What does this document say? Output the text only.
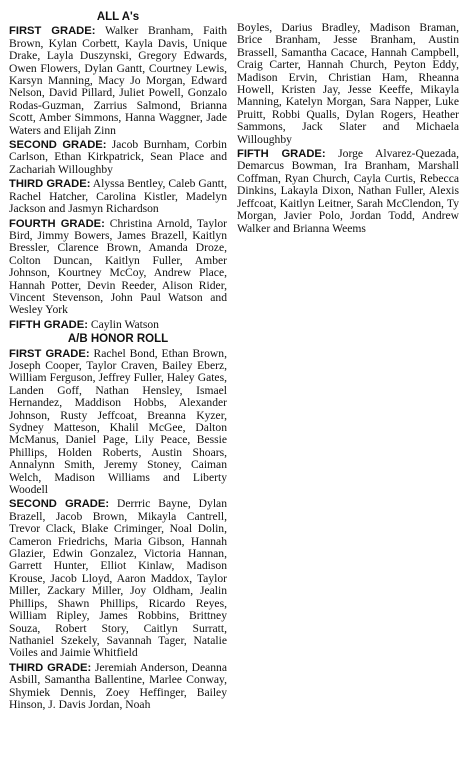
ALL A's

FIRST GRADE: Walker Branham, Faith Brown, Kylan Corbett, Kayla Davis, Unique Drake, Layla Duszynski, Gregory Edwards, Owen Flowers, Dylan Gantt, Courtney Lewis, Karsyn Manning, Macy Jo Morgan, Edward Nelson, David Pillard, Juliet Powell, Gonzalo Rodas-Guzman, Zarrius Salmond, Brianna Scott, Amber Simmons, Hanna Waggner, Jade Waters and Elijah Zinn

SECOND GRADE: Jacob Burnham, Corbin Carlson, Ethan Kirkpatrick, Sean Place and Zachariah Willoughby

THIRD GRADE: Alyssa Bentley, Caleb Gantt, Rachel Hatcher, Carolina Kistler, Madelyn Jackson and Jasmyn Richardson

FOURTH GRADE: Christina Arnold, Taylor Bird, Jimmy Bowers, James Brazell, Kaitlyn Bressler, Clarence Brown, Amanda Droze, Colton Duncan, Kaitlyn Fuller, Amber Johnson, Kourtney McCoy, Andrew Place, Hannah Potter, Devin Reeder, Alison Rider, Vincent Stevenson, John Paul Watson and Wesley York

FIFTH GRADE: Caylin Watson

A/B HONOR ROLL

FIRST GRADE: Rachel Bond, Ethan Brown, Joseph Cooper, Taylor Craven, Bailey Eberz, William Ferguson, Jeffrey Fuller, Haley Gates, Landen Goff, Nathan Hensley, Ismael Hernandez, Maddison Hobbs, Alexander Johnson, Rusty Jeffcoat, Breanna Kyzer, Sydney Matteson, Khalil McGee, Dalton McManus, Daniel Page, Lily Peace, Bessie Phillips, Holden Roberts, Austin Shoars, Annalynn Smith, Jeremy Stoney, Caiman Welch, Madison Williams and Liberty Woodell

SECOND GRADE: Derrric Bayne, Dylan Brazell, Jacob Brown, Mikayla Cantrell, Trevor Clack, Blake Criminger, Noal Dolin, Cameron Friedrichs, Maria Gibson, Hannah Glazier, Edwin Gonzalez, Victoria Hannan, Garrett Hunter, Elliot Kinlaw, Madison Krouse, Jacob Lloyd, Aaron Maddox, Taylor Miller, Zackary Miller, Joy Oldham, Jealin Phillips, Shawn Phillips, Ricardo Reyes, William Ripley, James Robbins, Brittney Souza, Robert Story, Caitlyn Surratt, Nathaniel Szekely, Savannah Tager, Natalie Voiles and Jaimie Whitfield

THIRD GRADE: Jeremiah Anderson, Deanna Asbill, Samantha Ballentine, Marlee Conway, Shymiek Dennis, Zoey Heffinger, Bailey Hinson, J. Davis Jordan, Noah

Boyles, Darius Bradley, Madison Braman, Brice Branham, Jesse Branham, Austin Brassell, Samantha Cacace, Hannah Campbell, Craig Carter, Hannah Church, Peyton Eddy, Madison Ervin, Christian Ham, Rheanna Howell, Kristen Jay, Jesse Keeffe, Mikayla Manning, Katelyn Morgan, Sara Napper, Luke Pruitt, Robbi Qualls, Dylan Rogers, Heather Sammons, Jack Slater and Michaela Willoughby

FIFTH GRADE: Jorge Alvarez-Quezada, Demarcus Bowman, Ira Branham, Marshall Coffman, Ryan Church, Cayla Curtis, Rebecca Dinkins, Lakayla Dixon, Nathan Fuller, Alexis Jeffcoat, Kaitlyn Leitner, Sarah McClendon, Ty Morgan, Javier Polo, Jordan Todd, Andrew Walker and Brianna Weems
